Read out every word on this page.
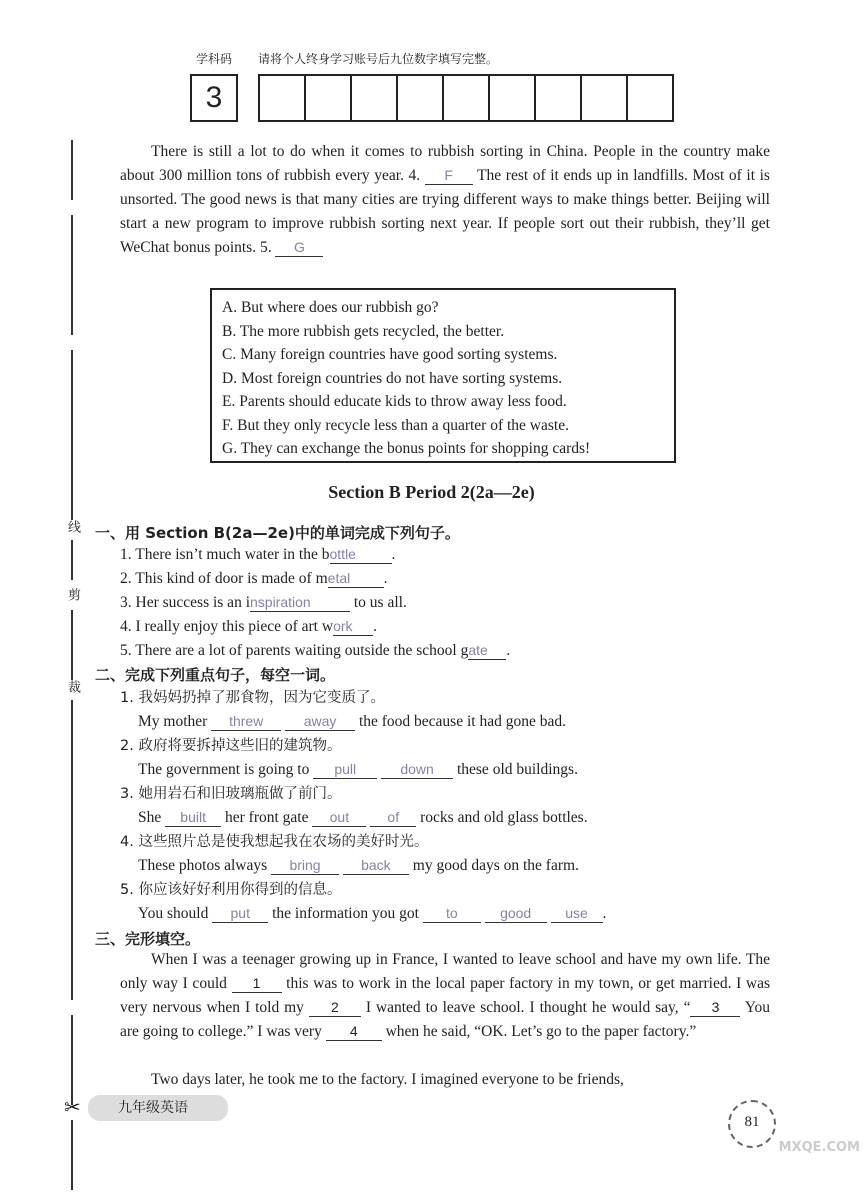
线
剪
裁
✂
学科码 请将个人终身学习账号后九位数字填写完整。
3
There is still a lot to do when it comes to rubbish sorting in China. People in the country make about 300 million tons of rubbish every year. 4. F The rest of it ends up in landfills. Most of it is unsorted. The good news is that many cities are trying different ways to make things better. Beijing will start a new program to improve rubbish sorting next year. If people sort out their rubbish, they’ll get WeChat bonus points. 5. G
A. But where does our rubbish go?
B. The more rubbish gets recycled, the better.
C. Many foreign countries have good sorting systems.
D. Most foreign countries do not have sorting systems.
E. Parents should educate kids to throw away less food.
F. But they only recycle less than a quarter of the waste.
G. They can exchange the bonus points for shopping cards!
Section B Period 2(2a—2e)
一、用 Section B(2a—2e)中的单词完成下列句子。
1. There isn’t much water in the bottle .
2. This kind of door is made of metal .
3. Her success is an inspiration	to us all.
4. I really enjoy this piece of art work .
5. There are a lot of parents waiting outside the school gate .
二、完成下列重点句子，每空一词。
1. 我妈妈扔掉了那食物，因为它变质了。
My mother threw	away the food because it had gone bad.
2. 政府将要拆掉这些旧的建筑物。
The government is going to pull	down these old buildings.
3. 她用岩石和旧玻璃瓶做了前门。
She built her front gate out	of rocks and old glass bottles.
4. 这些照片总是使我想起我在农场的美好时光。
These photos always bring	back my good days on the farm.
5. 你应该好好利用你得到的信息。
You should put the information you got to	good use .
三、完形填空。
When I was a teenager growing up in France, I wanted to leave school and have my own life. The only way I could 1 this was to work in the local paper factory in my town, or get married. I was very nervous when I told my 2 I wanted to leave school. I thought he would say, “ 3 You are going to college.” I was very 4 when he said, “OK. Let’s go to the paper factory.”
Two days later, he took me to the factory. I imagined everyone to be friends,
九年级英语
81
MXQE.COM
